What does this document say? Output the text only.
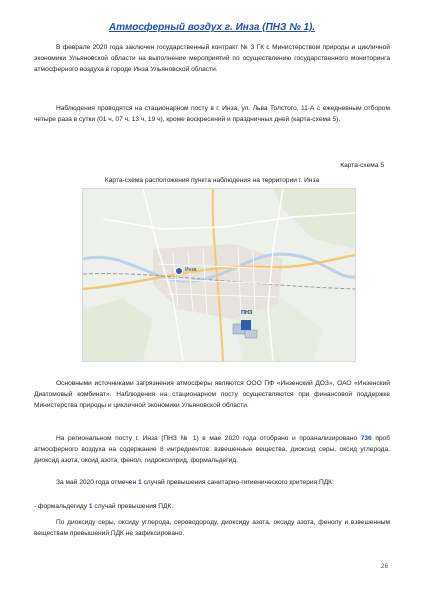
Атмосферный воздух г. Инза (ПНЗ № 1).
В феврале 2020 года заключен государственный контракт № 3 ГК с Министерством природы и цикличной экономики Ульяновской области на выполнение мероприятий по осуществлению государственного мониторинга атмосферного воздуха в городе Инза Ульяновской области.
Наблюдения проводятся на стационарном посту в г. Инза, ул. Льва Толстого, 11-А с ежедневным отбором четыре раза в сутки (01 ч, 07 ч, 13 ч, 19 ч), кроме воскресений и праздничных дней (карта-схема 5).
Карта-схема 5
Карта-схема расположения пункта наблюдения на территории г. Инза
Инза
ПНЗ
Основными источниками загрязнения атмосферы являются ООО ПФ «Инзенский ДОЗ», ОАО «Инзенский Диатомовый комбинат». Наблюдения на стационарном посту осуществляются при финансовой поддержке Министерства природы и цикличной экономики Ульяновской области.
На региональном посту г. Инза (ПНЗ № 1) в мае 2020 года отобрано и проанализировано 736 проб атмосферного воздуха на содержание 8 ингредиентов: взвешенные вещества, диоксид серы, оксид углерода, диоксид азота, оксид азота, фенол, гидроксилрид, формальдегид.
За май 2020 года отмечен 1 случай превышения санитарно-гигиенического критерия ПДК:
- формальдегиду 1 случай превышения ПДК.
По диоксиду серы, оксиду углерода, сероводороду, диоксиду азота, оксиду азота, фенолу и взвешенным веществам превышений ПДК не зафиксировано.
26
